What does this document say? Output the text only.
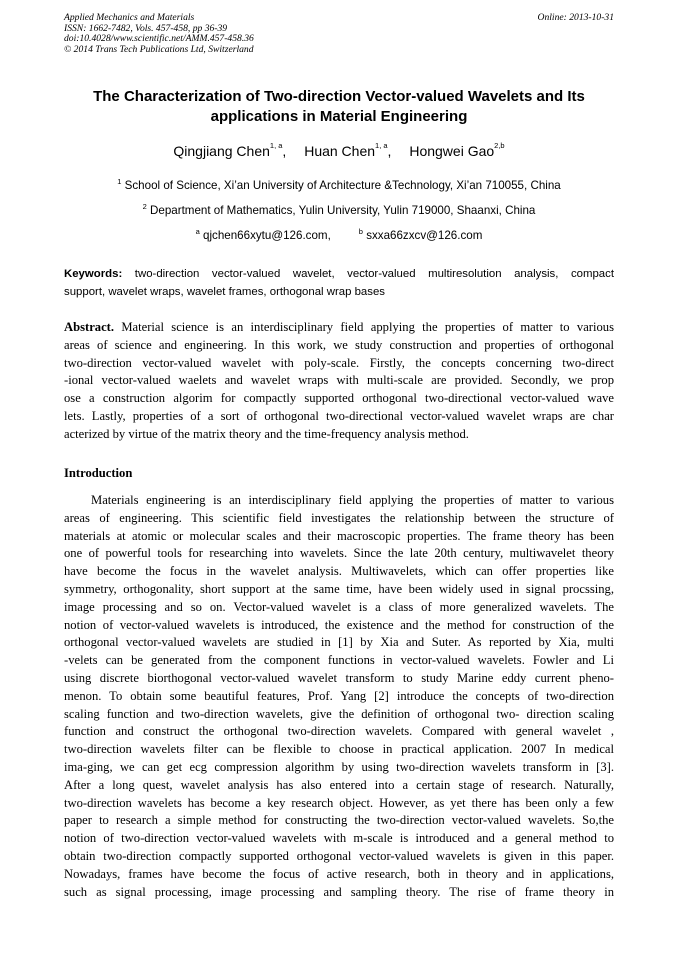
Applied Mechanics and Materials
ISSN: 1662-7482, Vols. 457-458, pp 36-39
doi:10.4028/www.scientific.net/AMM.457-458.36
© 2014 Trans Tech Publications Ltd, Switzerland
Online: 2013-10-31
The Characterization of Two-direction Vector-valued Wavelets and Its
applications in Material Engineering
Qingjiang Chen$^{1, a}$, Huan Chen$^{1, a}$, Hongwei Gao$^{2,b}$
$^1$ School of Science, Xi’an University of Architecture &Technology, Xi’an 710055, China
$^2$ Department of Mathematics, Yulin University, Yulin 719000, Shaanxi, China
$^a$ qjchen66xytu@126.com,	$^b$ sxxa66zxcv@126.com
Keywords: two-direction vector-valued wavelet, vector-valued multiresolution analysis, compact
support, wavelet wraps, wavelet frames, orthogonal wrap bases
Abstract. Material science is an interdisciplinary field applying the properties of matter to various
areas of science and engineering. In this work, we study construction and properties of orthogonal
two-direction vector-valued wavelet with poly-scale. Firstly, the concepts concerning two-direct
-ional vector-valued waelets and wavelet wraps with multi-scale are provided. Secondly, we prop
ose a construction algorim for compactly supported orthogonal two-directional vector-valued wave
lets. Lastly, properties of a sort of orthogonal two-directional vector-valued wavelet wraps are char
acterized by virtue of the matrix theory and the time-frequency analysis method.
Introduction
Materials engineering is an interdisciplinary field applying the properties of matter to various
areas of engineering. This scientific field investigates the relationship between the structure of
materials at atomic or molecular scales and their macroscopic properties. The frame theory has been
one of powerful tools for researching into wavelets. Since the late 20th century, multiwavelet theory
have become the focus in the wavelet analysis. Multiwavelets, which can offer properties like
symmetry, orthogonality, short support at the same time, have been widely used in signal procssing,
image processing and so on. Vector-valued wavelet is a class of more generalized wavelets. The
notion of vector-valued wavelets is introduced, the existence and the method for construction of the
orthogonal vector-valued wavelets are studied in [1] by Xia and Suter. As reported by Xia, multi
-velets can be generated from the component functions in vector-valued wavelets. Fowler and Li
using discrete biorthogonal vector-valued wavelet transform to study Marine eddy current pheno-
menon. To obtain some beautiful features, Prof. Yang [2] introduce the concepts of two-direction
scaling function and two-direction wavelets, give the definition of orthogonal two- direction scaling
function and construct the orthogonal two-direction wavelets. Compared with general wavelet ,
two-direction wavelets filter can be flexible to choose in practical application. 2007 In medical
ima-ging, we can get ecg compression algorithm by using two-direction wavelets transform in [3].
After a long quest, wavelet analysis has also entered into a certain stage of research. Naturally,
two-direction wavelets has become a key research object. However, as yet there has been only a few
paper to research a simple method for constructing the two-direction vector-valued wavelets. So,the
notion of two-direction vector-valued wavelets with m-scale is introduced and a general method to
obtain two-direction compactly supported orthogonal vector-valued wavelets is given in this paper.
Nowadays, frames have become the focus of active research, both in theory and in applications,
such as signal processing, image processing and sampling theory. The rise of frame theory in
